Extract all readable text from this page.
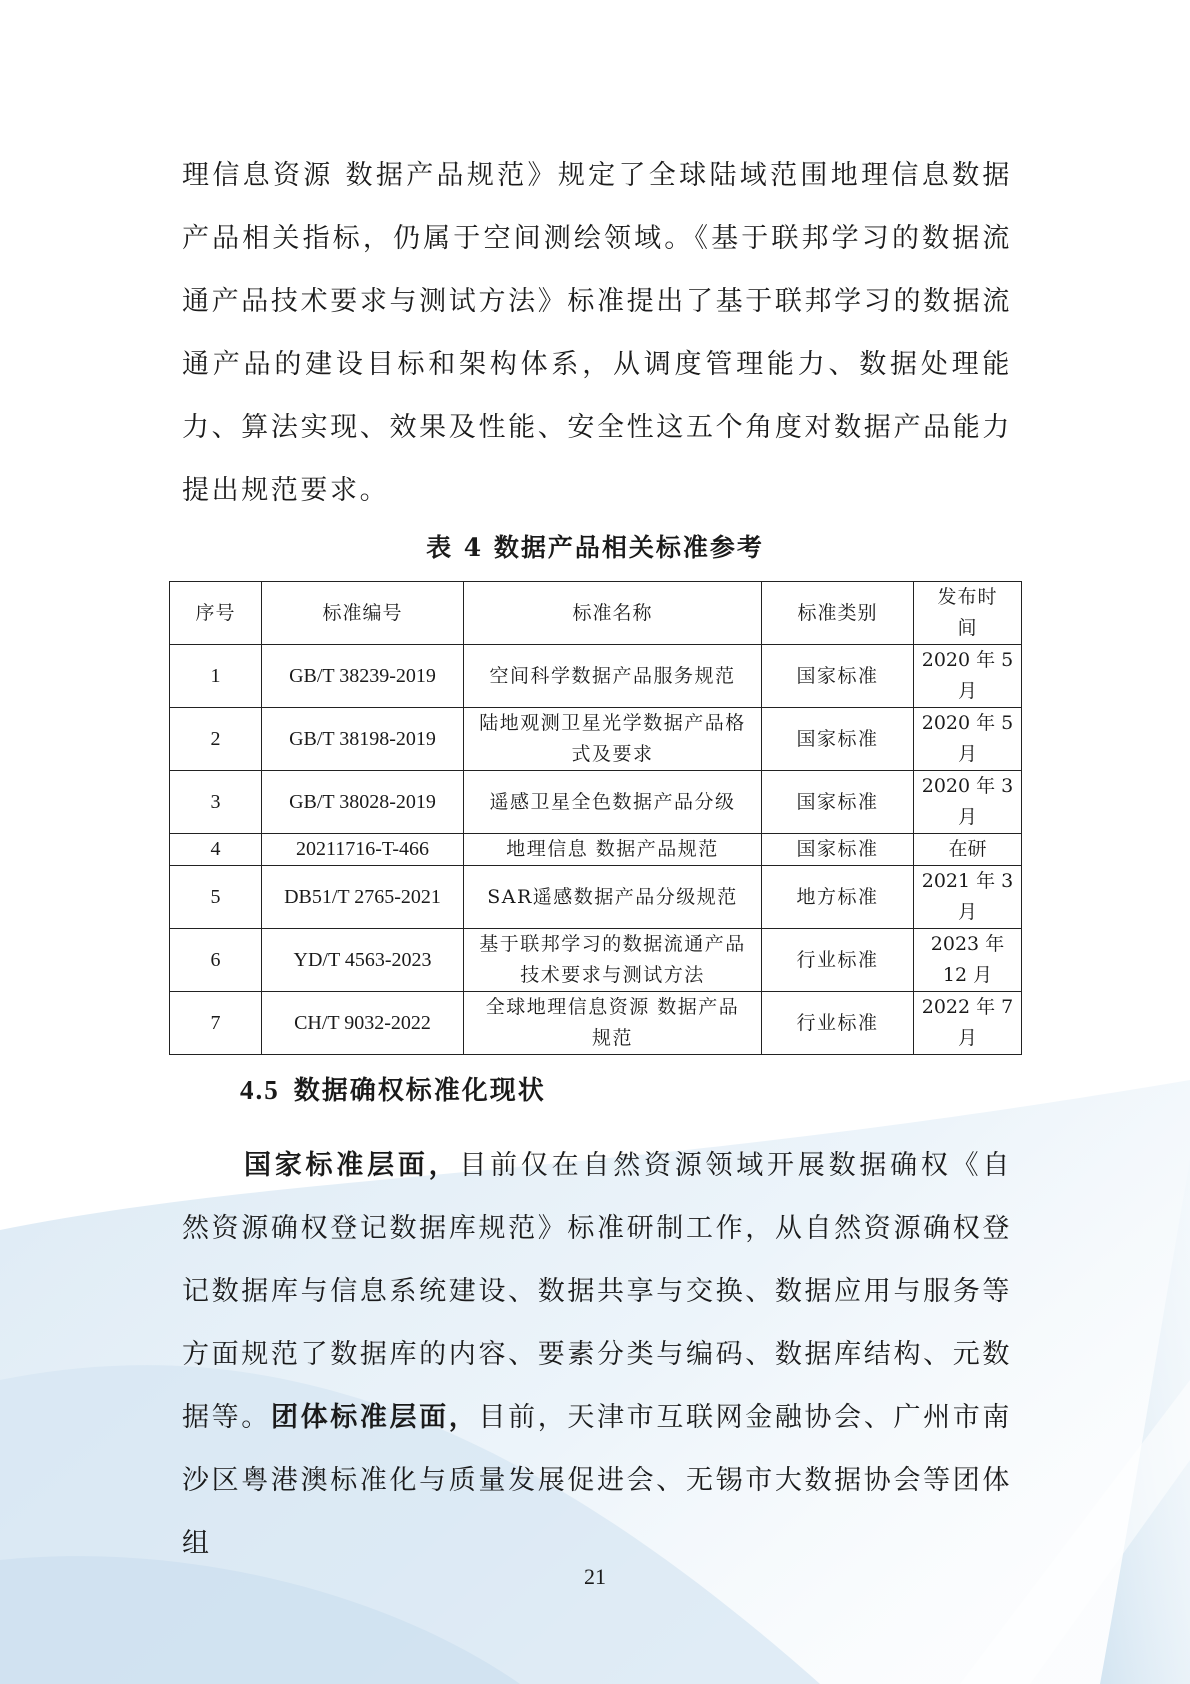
理信息资源 数据产品规范》规定了全球陆域范围地理信息数据产品相关指标，仍属于空间测绘领域。《基于联邦学习的数据流通产品技术要求与测试方法》标准提出了基于联邦学习的数据流通产品的建设目标和架构体系，从调度管理能力、数据处理能力、算法实现、效果及性能、安全性这五个角度对数据产品能力提出规范要求。

表 4 数据产品相关标准参考
序号	标准编号	标准名称	标准类别	发布时间
1	GB/T 38239-2019	空间科学数据产品服务规范	国家标准	2020 年 5 月
2	GB/T 38198-2019	陆地观测卫星光学数据产品格式及要求	国家标准	2020 年 5 月
3	GB/T 38028-2019	遥感卫星全色数据产品分级	国家标准	2020 年 3 月
4	20211716-T-466	地理信息 数据产品规范	国家标准	在研
5	DB51/T 2765-2021	SAR遥感数据产品分级规范	地方标准	2021 年 3 月
6	YD/T 4563-2023	基于联邦学习的数据流通产品技术要求与测试方法	行业标准	2023 年 12 月
7	CH/T 9032-2022	全球地理信息资源 数据产品规范	行业标准	2022 年 7 月
4.5 数据确权标准化现状

国家标准层面，目前仅在自然资源领域开展数据确权《自然资源确权登记数据库规范》标准研制工作，从自然资源确权登记数据库与信息系统建设、数据共享与交换、数据应用与服务等方面规范了数据库的内容、要素分类与编码、数据库结构、元数据等。团体标准层面，目前，天津市互联网金融协会、广州市南沙区粤港澳标准化与质量发展促进会、无锡市大数据协会等团体组

21
